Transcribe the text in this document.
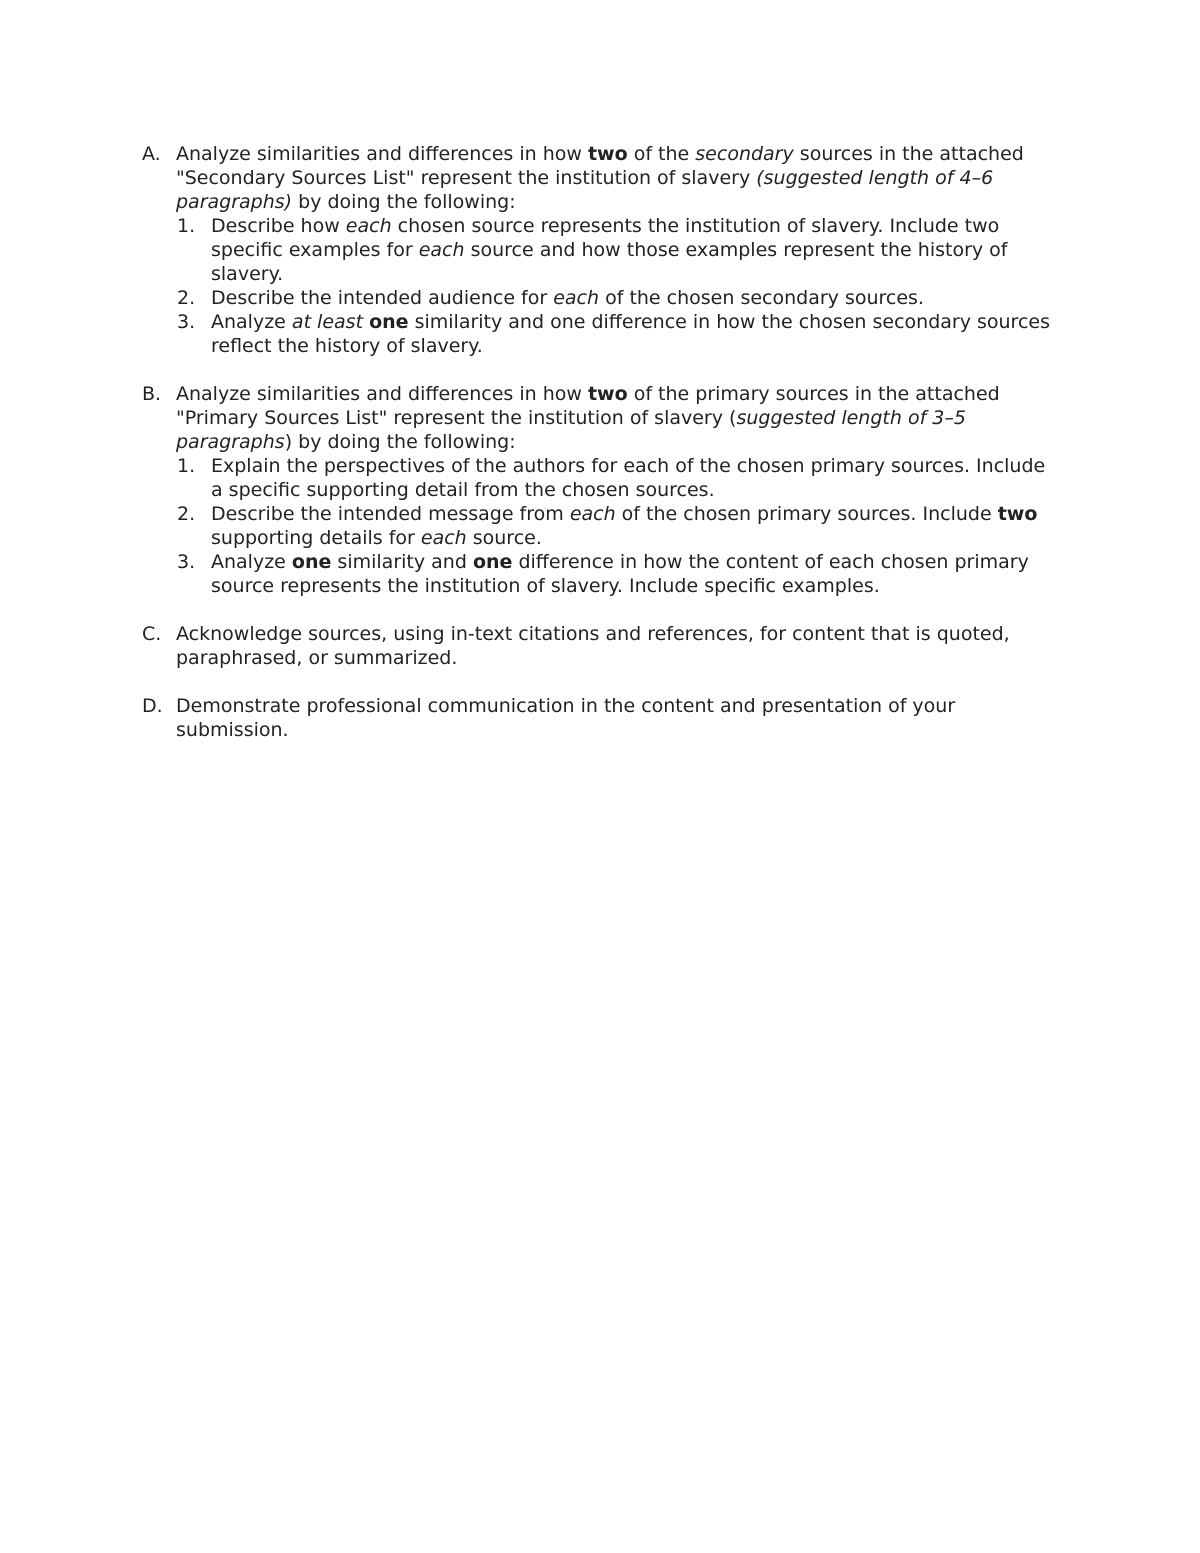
A. Analyze similarities and differences in how two of the secondary sources in the attached "Secondary Sources List" represent the institution of slavery (suggested length of 4–6 paragraphs) by doing the following:
1. Describe how each chosen source represents the institution of slavery. Include two specific examples for each source and how those examples represent the history of slavery.
2. Describe the intended audience for each of the chosen secondary sources.
3. Analyze at least one similarity and one difference in how the chosen secondary sources reflect the history of slavery.
B. Analyze similarities and differences in how two of the primary sources in the attached "Primary Sources List" represent the institution of slavery (suggested length of 3–5 paragraphs) by doing the following:
1. Explain the perspectives of the authors for each of the chosen primary sources. Include a specific supporting detail from the chosen sources.
2. Describe the intended message from each of the chosen primary sources. Include two supporting details for each source.
3. Analyze one similarity and one difference in how the content of each chosen primary source represents the institution of slavery. Include specific examples.
C. Acknowledge sources, using in-text citations and references, for content that is quoted, paraphrased, or summarized.
D. Demonstrate professional communication in the content and presentation of your submission.
